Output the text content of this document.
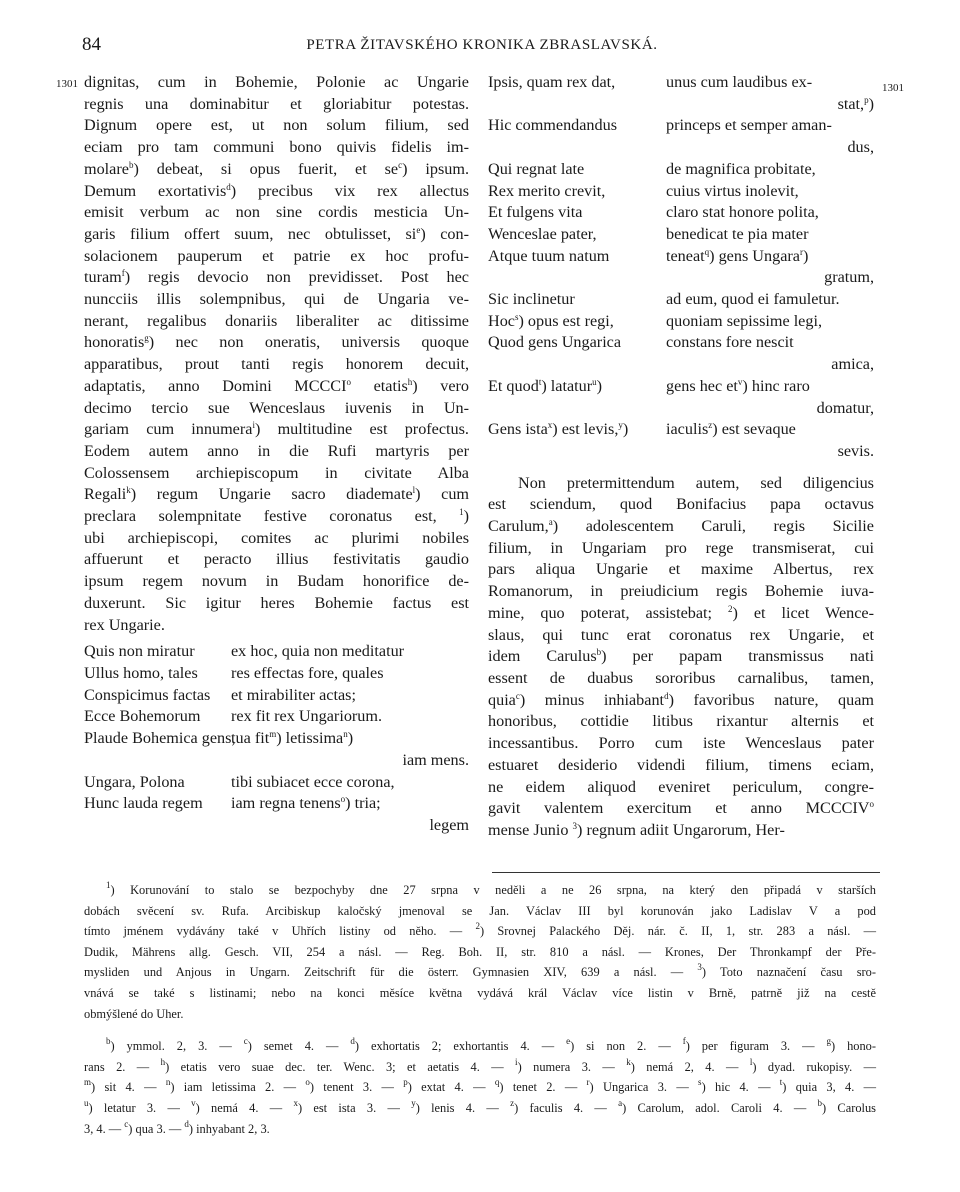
84	PETRA ŽITAVSKÉHO KRONIKA ZBRASLAVSKÁ.
1301	1301

dignitas, cum in Bohemie, Polonie ac Ungarie

regnis una dominabitur et gloriabitur potestas.

Dignum opere est, ut non solum filium, sed

eciam pro tam communi bono quivis fidelis im-

molare$^b$) debeat, si opus fuerit, et $se^c$) ipsum.

Demum exortativis$^d$) precibus vix rex allectus

emisit verbum ac non sine cordis mesticia Un-

garis filium offert suum, nec obtulisset, $si^e$) con-

solacionem pauperum et patrie ex hoc profu-

turam$^f$) regis devocio non previdisset. Post hec

nuncciis illis solempnibus, qui de Ungaria ve-

nerant, regalibus donariis liberaliter ac ditissime

honoratis$^g$) nec non oneratis, universis quoque

apparatibus, prout tanti regis honorem decuit,

adaptatis, anno Domini MCCCI$^o$ etatis$^h$) vero

decimo tercio sue Wenceslaus iuvenis in Un-

gariam cum innumera$^i$) multitudine est profectus.

Eodem autem anno in die Rufi martyris per

Colossensem archiepiscopum in civitate Alba

Regali$^k$) regum Ungarie sacro diademate$^l$) cum

preclara solempnitate festive coronatus est, $^1$)

ubi archiepiscopi, comites ac plurimi nobiles

affuerunt et peracto illius festivitatis gaudio

ipsum regem novum in Budam honorifice de-

duxerunt. Sic igitur heres Bohemie factus est

rex Ungarie.

Quis non miratur	ex hoc, quia non meditatur

Ullus homo, tales	res effectas fore, quales

Conspicimus factas	et mirabiliter actas;

Ecce Bohemorum	rex fit rex Ungariorum.

Plaude Bohemica gens,
tua fit$^m$) letissima$^n$)

iam mens.

Ungara, Polona	tibi subiacet ecce corona,

Hunc lauda regem	iam regna tenens$^o$) tria;

legem

Ipsis, quam rex dat,	unus cum laudibus ex-

stat,$^p$)

Hic commendandus	princeps et semper aman-

dus,

Qui regnat late	de magnifica probitate,

Rex merito crevit,	cuius virtus inolevit,

Et fulgens vita	claro stat honore polita,

Wenceslae pater,	benedicat te pia mater

Atque tuum natum	teneat$^q$) gens Ungara$^r$)

gratum,

Sic inclinetur	ad eum, quod ei famuletur.

Hoc$^s$) opus est regi,	quoniam sepissime legi,

Quod gens Ungarica	constans fore nescit

amica,

Et quod$^t$) latatur$^u$)	gens hec $et^v$) hinc raro

domatur,

Gens ista$^x$) est levis,$^y$)	iaculis$^z$) est sevaque

sevis.

Non pretermittendum autem, sed diligencius

est sciendum, quod Bonifacius papa octavus

Carulum,$^a$) adolescentem Caruli, regis Sicilie

filium, in Ungariam pro rege transmiserat, cui

pars aliqua Ungarie et maxime Albertus, rex

Romanorum, in preiudicium regis Bohemie iuva-

mine, quo poterat, assistebat; $^2$) et licet Wence-

slaus, qui tunc erat coronatus rex Ungarie, et

idem Carulus$^b$) per papam transmissus nati

essent de duabus sororibus carnalibus, tamen,

quia$^c$) minus inhiabant$^d$) favoribus nature, quam

honoribus, cottidie litibus rixantur alternis et

incessantibus. Porro cum iste Wenceslaus pater

estuaret desiderio videndi filium, timens eciam,

ne eidem aliquod eveniret periculum, congre-

gavit valentem exercitum et anno MCCCIV$^o$

mense Junio $^3$) regnum adiit Ungarorum, Her-

$^1$) Korunování to stalo se bezpochyby dne 27 srpna v neděli a ne 26 srpna, na který den připadá v starších

dobách svěcení sv. Rufa. Arcibiskup kaločský jmenoval se Jan. Václav III byl korunován jako Ladislav V a pod

tímto jménem vydávány také v Uhřích listiny od něho. — $^2$) Srovnej Palackého Děj. nár. č. II, 1, str. 283 a násl. —

Dudik, Mährens allg. Gesch. VII, 254 a násl. — Reg. Boh. II, str. 810 a násl. — Krones, Der Thronkampf der Pře-

mysliden und Anjous in Ungarn. Zeitschrift für die österr. Gymnasien XIV, 639 a násl. — $^3$) Toto naznačení času sro-

vnává se také s listinami; nebo na konci měsíce května vydává král Václav více listin v Brně, patrně již na cestě

obmýšlené do Uher.

$^b$) ymmol. 2, 3. — $^c$) semet 4. — $^d$) exhortatis 2; exhortantis 4. — $^e$) si non 2. — $^f$) per figuram 3. — $^g$) hono-

rans 2. — $^h$) etatis vero suae dec. ter. Wenc. 3; et aetatis 4. — $^i$) numera 3. — $^k$) nemá 2, 4. — $^l$) dyad. rukopisy. —

$^m$) sit 4. — $^n$) iam letissima 2. — $^o$) tenent 3. — $^p$) extat 4. — $^q$) tenet 2. — $^r$) Ungarica 3. — $^s$) hic 4. — $^t$) quia 3, 4. —

$^u$) letatur 3. — $^v$) nemá 4. — $^x$) est ista 3. — $^y$) lenis 4. — $^z$) faculis 4. — $^a$) Carolum, adol. Caroli 4. — $^b$) Carolus

3, 4. — $^c$) qua 3. — $^d$) inhyabant 2, 3.
